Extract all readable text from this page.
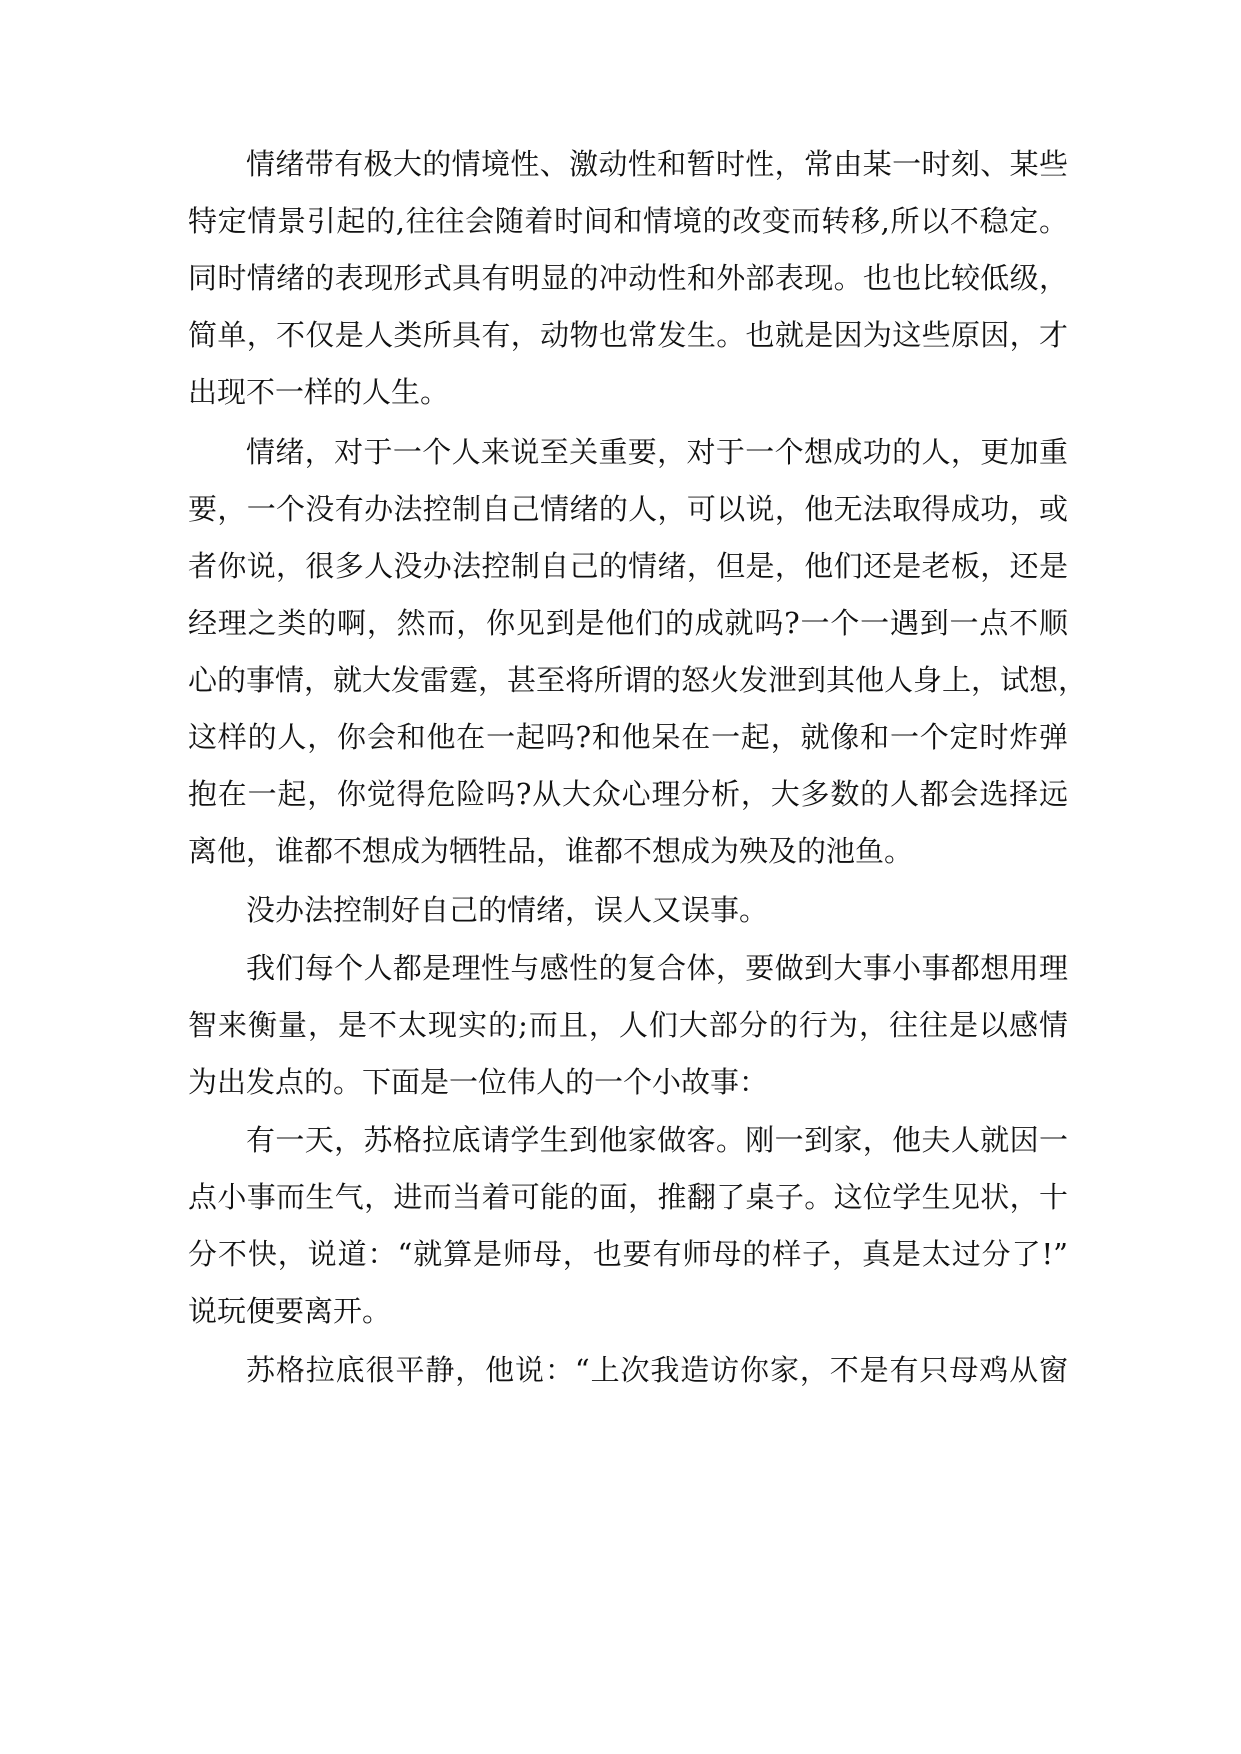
情绪带有极大的情境性、激动性和暂时性，常由某一时刻、某些
特定情景引起的,往往会随着时间和情境的改变而转移,所以不稳定。
同时情绪的表现形式具有明显的冲动性和外部表现。也也比较低级，
简单，不仅是人类所具有，动物也常发生。也就是因为这些原因，才
出现不一样的人生。
情绪，对于一个人来说至关重要，对于一个想成功的人，更加重
要，一个没有办法控制自己情绪的人，可以说，他无法取得成功，或
者你说，很多人没办法控制自己的情绪，但是，他们还是老板，还是
经理之类的啊，然而，你见到是他们的成就吗?一个一遇到一点不顺
心的事情，就大发雷霆，甚至将所谓的怒火发泄到其他人身上，试想，
这样的人，你会和他在一起吗?和他呆在一起，就像和一个定时炸弹
抱在一起，你觉得危险吗?从大众心理分析，大多数的人都会选择远
离他，谁都不想成为牺牲品，谁都不想成为殃及的池鱼。
没办法控制好自己的情绪，误人又误事。
我们每个人都是理性与感性的复合体，要做到大事小事都想用理
智来衡量，是不太现实的;而且，人们大部分的行为，往往是以感情
为出发点的。下面是一位伟人的一个小故事：
有一天，苏格拉底请学生到他家做客。刚一到家，他夫人就因一
点小事而生气，进而当着可能的面，推翻了桌子。这位学生见状，十
分不快，说道：“就算是师母，也要有师母的样子，真是太过分了!”
说玩便要离开。
苏格拉底很平静，他说：“上次我造访你家，不是有只母鸡从窗
